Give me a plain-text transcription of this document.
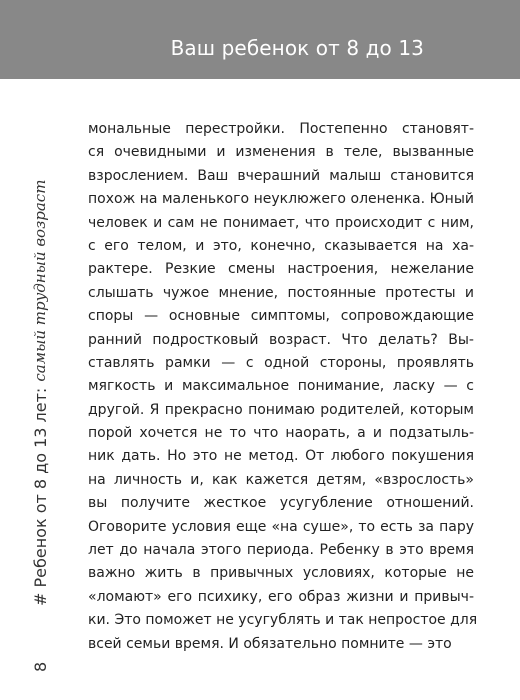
Ваш ребенок от 8 до 13
мональные перестройки. Постепенно становят-
ся очевидными и изменения в теле, вызванные
взрослением. Ваш вчерашний малыш становится
похож на маленького неуклюжего олененка. Юный
человек и сам не понимает, что происходит с ним,
с его телом, и это, конечно, сказывается на ха-
рактере. Резкие смены настроения, нежелание
слышать чужое мнение, постоянные протесты и
споры — основные симптомы, сопровождающие
ранний подростковый возраст. Что делать? Вы-
ставлять рамки — с одной стороны, проявлять
мягкость и максимальное понимание, ласку — с
другой. Я прекрасно понимаю родителей, которым
порой хочется не то что наорать, а и подзатыль-
ник дать. Но это не метод. От любого покушения
на личность и, как кажется детям, «взрослость»
вы получите жесткое усугубление отношений.
Оговорите условия еще «на суше», то есть за пару
лет до начала этого периода. Ребенку в это время
важно жить в привычных условиях, которые не
«ломают» его психику, его образ жизни и привыч-
ки. Это поможет не усугублять и так непростое для
всей семьи время. И обязательно помните — это
8
# Ребенок от 8 до 13 лет:
самый трудный возраст
